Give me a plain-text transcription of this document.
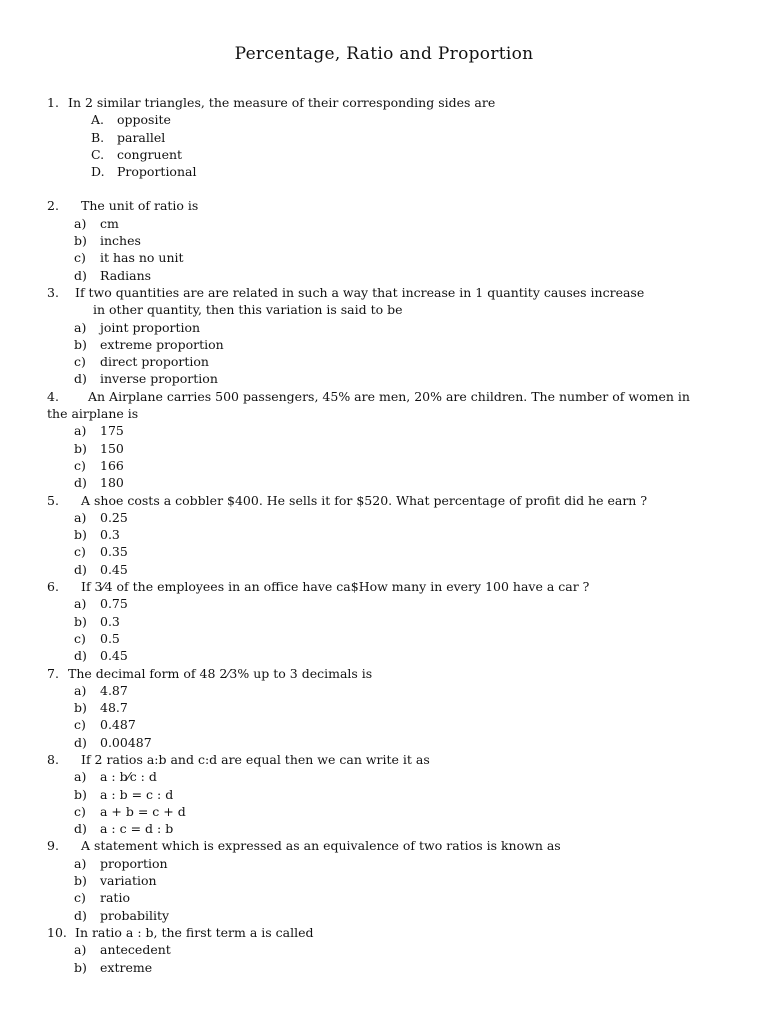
Percentage, Ratio and Proportion
1. In 2 similar triangles, the measure of their corresponding sides are
A.	opposite
B.	parallel
C.	congruent
D. Proportional
2.	The unit of ratio is
a)	cm
b)	inches
c)	it has no unit
d)	Radians
3.	If two quantities are are related in such a way that increase in 1 quantity causes increase
in other quantity, then this variation is said to be
a)	joint proportion
b)	extreme proportion
c)	direct proportion
d)	inverse proportion
4.	An Airplane carries 500 passengers, 45% are men, 20% are children. The number of women in
the airplane is
a)	175
b)	150
c)	166
d)	180
5.	A shoe costs a cobbler $400. He sells it for $520. What percentage of profit did he earn ?
a)	0.25
b)	0.3
c)	0.35
d)	0.45
6.	If 3⁄4 of the employees in an office have ca$How many in every 100 have a car ?
a)	0.75
b)	0.3
c)	0.5
d)	0.45
7. The decimal form of 48 2⁄3% up to 3 decimals is
a)	4.87
b)	48.7
c)	0.487
d)	0.00487
8.	If 2 ratios a:b and c:d are equal then we can write it as
a)	a : b⁄c : d
b)	a : b = c : d
c)	a + b = c + d
d)	a : c = d : b
9.	A statement which is expressed as an equivalence of two ratios is known as
a)	proportion
b)	variation
c)	ratio
d)	probability
10. In ratio a : b, the first term a is called
a)	antecedent
b)	extreme
